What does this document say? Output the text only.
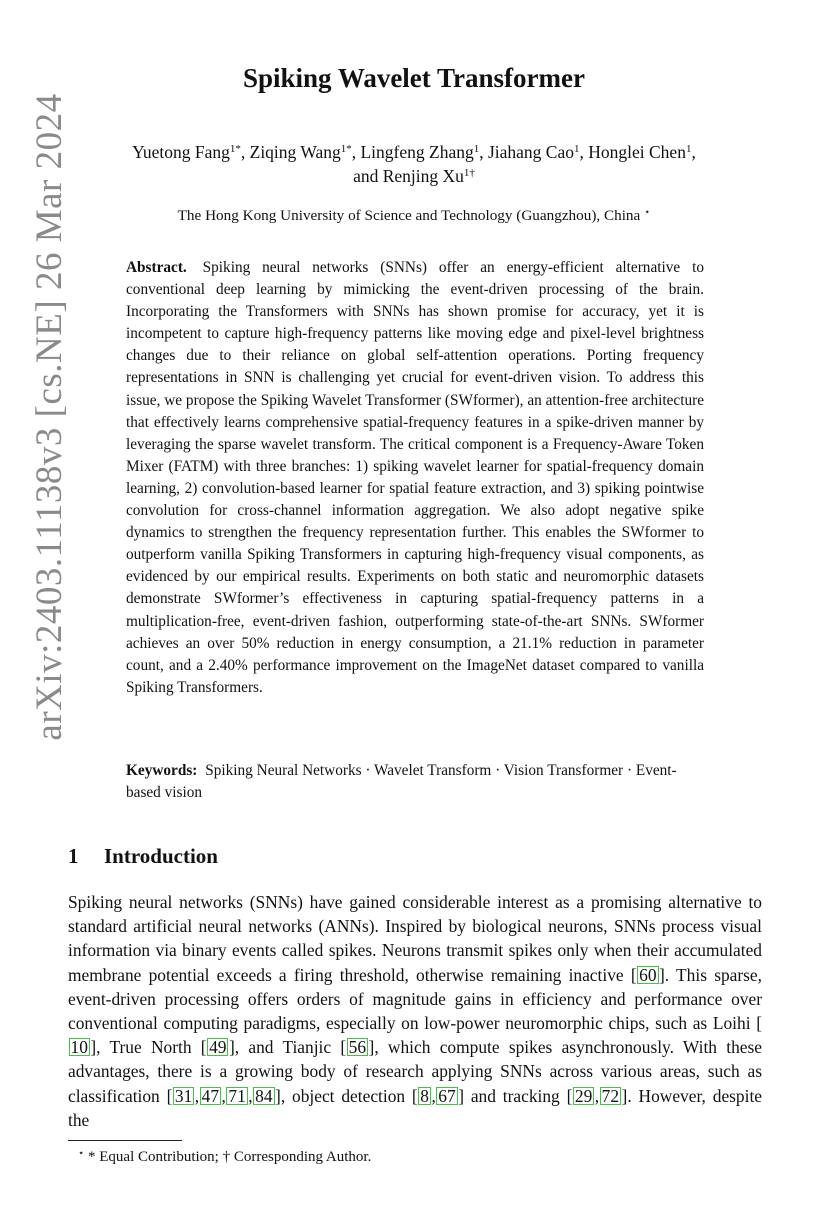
arXiv:2403.11138v3 [cs.NE] 26 Mar 2024
Spiking Wavelet Transformer
Yuetong Fang$^{1*}$, Ziqing Wang$^{1*}$, Lingfeng Zhang$^1$, Jiahang Cao$^1$, Honglei Chen$^1$,
and Renjing $Xu^{1\dagger}$
The Hong Kong University of Science and Technology (Guangzhou), China ⋆
Abstract. Spiking neural networks (SNNs) offer an energy-efficient alternative to conventional deep learning by mimicking the event-driven processing of the brain. Incorporating the Transformers with SNNs has shown promise for accuracy, yet it is incompetent to capture high-frequency patterns like moving edge and pixel-level brightness changes due to their reliance on global self-attention operations. Porting frequency representations in SNN is challenging yet crucial for event-driven vision. To address this issue, we propose the Spiking Wavelet Transformer (SWformer), an attention-free architecture that effectively learns comprehensive spatial-frequency features in a spike-driven manner by leveraging the sparse wavelet transform. The critical component is a Frequency-Aware Token Mixer (FATM) with three branches: 1) spiking wavelet learner for spatial-frequency domain learning, 2) convolution-based learner for spatial feature extraction, and 3) spiking pointwise convolution for cross-channel information aggregation. We also adopt negative spike dynamics to strengthen the frequency representation further. This enables the SWformer to outperform vanilla Spiking Transformers in capturing high-frequency visual components, as evidenced by our empirical results. Experiments on both static and neuromorphic datasets demonstrate SWformer’s effectiveness in capturing spatial-frequency patterns in a multiplication-free, event-driven fashion, outperforming state-of-the-art SNNs. SWformer achieves an over 50% reduction in energy consumption, a 21.1% reduction in parameter count, and a 2.40% performance improvement on the ImageNet dataset compared to vanilla Spiking Transformers.
Keywords: Spiking Neural Networks · Wavelet Transform · Vision Transformer · Event-based vision
1 Introduction
Spiking neural networks (SNNs) have gained considerable interest as a promising alternative to standard artificial neural networks (ANNs). Inspired by biological neurons, SNNs process visual information via binary events called spikes. Neurons transmit spikes only when their accumulated membrane potential exceeds a firing threshold, otherwise remaining inactive [ 60 ]. This sparse, event-driven processing offers orders of magnitude gains in efficiency and performance over conventional computing paradigms, especially on low-power neuromorphic chips, such as Loihi [10 ], True North [ 49 ], and Tianjic [ 56 ], which compute spikes asynchronously. With these advantages, there is a growing body of research applying SNNs across various areas, such as classification [ 31 , 47 , 71 , 84 ], object detection [ 8 , 67 ] and tracking [ 29 , 72 ]. However, despite the
⋆ * Equal Contribution; † Corresponding Author.
